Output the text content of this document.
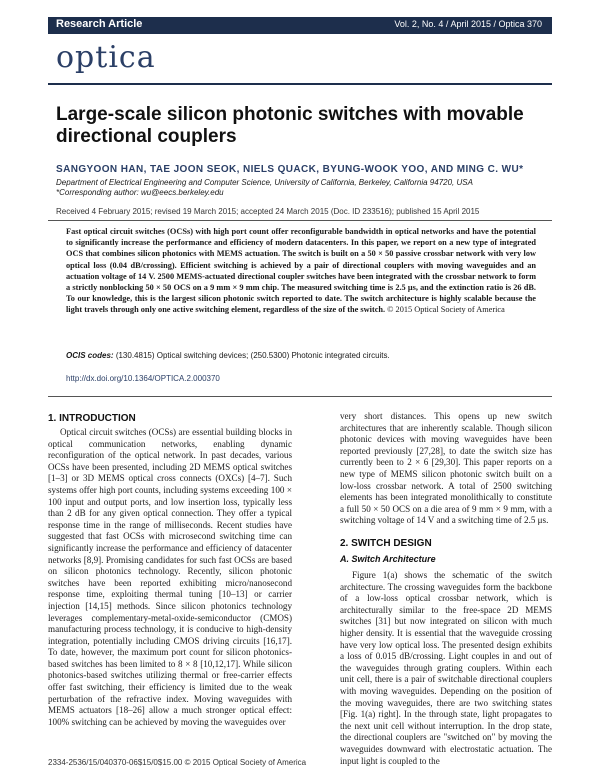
Research Article	Vol. 2, No. 4 / April 2015 / Optica 370
optica
Large-scale silicon photonic switches with movable directional couplers
SANGYOON HAN, TAE JOON SEOK, NIELS QUACK, BYUNG-WOOK YOO, AND MING C. WU*
Department of Electrical Engineering and Computer Science, University of California, Berkeley, California 94720, USA
*Corresponding author: wu@eecs.berkeley.edu
Received 4 February 2015; revised 19 March 2015; accepted 24 March 2015 (Doc. ID 233516); published 15 April 2015
Fast optical circuit switches (OCSs) with high port count offer reconfigurable bandwidth in optical networks and have the potential to significantly increase the performance and efficiency of modern datacenters. In this paper, we report on a new type of integrated OCS that combines silicon photonics with MEMS actuation. The switch is built on a 50 × 50 passive crossbar network with very low optical loss (0.04 dB/crossing). Efficient switching is achieved by a pair of directional couplers with moving waveguides and an actuation voltage of 14 V. 2500 MEMS-actuated directional coupler switches have been integrated with the crossbar network to form a strictly nonblocking 50 × 50 OCS on a 9 mm × 9 mm chip. The measured switching time is 2.5 μs, and the extinction ratio is 26 dB. To our knowledge, this is the largest silicon photonic switch reported to date. The switch architecture is highly scalable because the light travels through only one active switching element, regardless of the size of the switch. © 2015 Optical Society of America
OCIS codes: (130.4815) Optical switching devices; (250.5300) Photonic integrated circuits.
http://dx.doi.org/10.1364/OPTICA.2.000370
1. INTRODUCTION

Optical circuit switches (OCSs) are essential building blocks in optical communication networks, enabling dynamic reconfiguration of the optical network. In past decades, various OCSs have been presented, including 2D MEMS optical switches [1–3] or 3D MEMS optical cross connects (OXCs) [4–7]. Such systems offer high port counts, including systems exceeding 100 × 100 input and output ports, and low insertion loss, typically less than 2 dB for any given optical connection. They offer a typical response time in the range of milliseconds. Recent studies have suggested that fast OCSs with microsecond switching time can significantly increase the performance and efficiency of datacenter networks [8,9]. Promising candidates for such fast OCSs are based on silicon photonics technology. Recently, silicon photonic switches have been reported exhibiting micro/nanosecond response time, exploiting thermal tuning [10–13] or carrier injection [14,15] methods. Since silicon photonics technology leverages complementary-metal-oxide-semiconductor (CMOS) manufacturing process technology, it is conducive to high-density integration, potentially including CMOS driving circuits [16,17]. To date, however, the maximum port count for silicon photonics-based switches has been limited to 8 × 8 [10,12,17]. While silicon photonics-based switches utilizing thermal or free-carrier effects offer fast switching, their efficiency is limited due to the weak perturbation of the refractive index. Moving waveguides with MEMS actuators [18–26] allow a much stronger optical effect: 100% switching can be achieved by moving the waveguides over

very short distances. This opens up new switch architectures that are inherently scalable. Though silicon photonic devices with moving waveguides have been reported previously [27,28], to date the switch size has currently been to 2 × 6 [29,30]. This paper reports on a new type of MEMS silicon photonic switch built on a low-loss crossbar network. A total of 2500 switching elements has been integrated monolithically to constitute a full 50 × 50 OCS on a die area of 9 mm × 9 mm, with a switching voltage of 14 V and a switching time of 2.5 μs.

2. SWITCH DESIGN
A. Switch Architecture

Figure 1(a) shows the schematic of the switch architecture. The crossing waveguides form the backbone of a low-loss optical crossbar network, which is architecturally similar to the free-space 2D MEMS switches [31] but now integrated on silicon with much higher density. It is essential that the waveguide crossing have very low optical loss. The presented design exhibits a loss of 0.015 dB/crossing. Light couples in and out of the waveguides through grating couplers. Within each unit cell, there is a pair of switchable directional couplers with moving waveguides. Depending on the position of the moving waveguides, there are two switching states [Fig. 1(a) right]. In the through state, light propagates to the next unit cell without interruption. In the drop state, the directional couplers are "switched on" by moving the waveguides downward with electrostatic actuation. The input light is coupled to the

2334-2536/15/040370-06$15/0$15.00 © 2015 Optical Society of America
